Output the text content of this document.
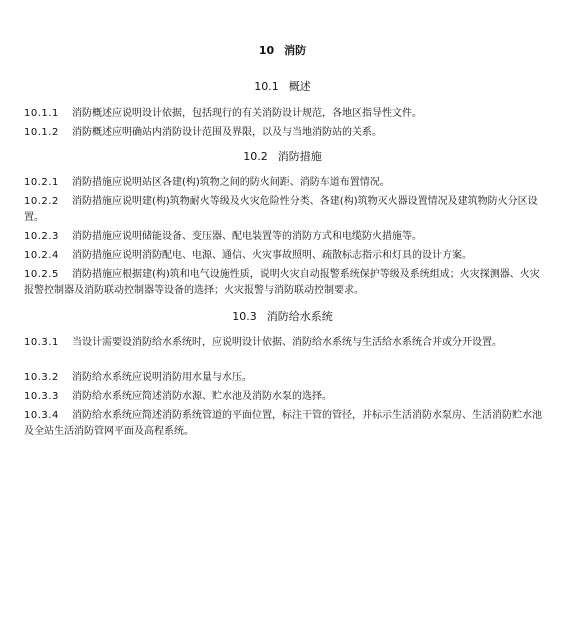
10 消防
10.1 概述
10.1.1 消防概述应说明设计依据，包括现行的有关消防设计规范，各地区指导性文件。
10.1.2 消防概述应明确站内消防设计范围及界限，以及与当地消防站的关系。
10.2 消防措施
10.2.1 消防措施应说明站区各建(构)筑物之间的防火间距、消防车道布置情况。
10.2.2 消防措施应说明建(构)筑物耐火等级及火灾危险性分类、各建(构)筑物灭火器设置情况及建筑物防火分区设置。
10.2.3 消防措施应说明储能设备、变压器、配电装置等的消防方式和电缆防火措施等。
10.2.4 消防措施应说明消防配电、电源、通信、火灾事故照明、疏散标志指示和灯具的设计方案。
10.2.5 消防措施应根据建(构)筑和电气设施性质，说明火灾自动报警系统保护等级及系统组成；火灾探测器、火灾报警控制器及消防联动控制器等设备的选择；火灾报警与消防联动控制要求。
10.3 消防给水系统
10.3.1 当设计需要设消防给水系统时，应说明设计依据、消防给水系统与生活给水系统合并或分开设置。
10.3.2 消防给水系统应说明消防用水量与水压。
10.3.3 消防给水系统应简述消防水源、贮水池及消防水泵的选择。
10.3.4 消防给水系统应简述消防系统管道的平面位置，标注干管的管径，并标示生活消防水泵房、生活消防贮水池及全站生活消防管网平面及高程系统。
